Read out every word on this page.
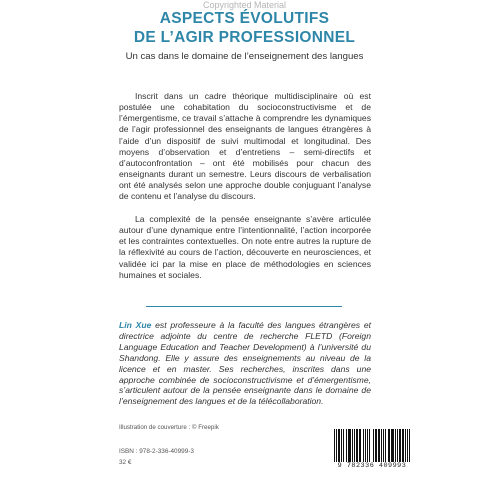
Copyrighted Material
ASPECTS ÉVOLUTIFS
DE L’AGIR PROFESSIONNEL
Un cas dans le domaine de l’enseignement des langues

Inscrit dans un cadre théorique multidisciplinaire où est postulée une cohabitation du socioconstructivisme et de l’émergentisme, ce travail s’attache à comprendre les dynamiques de l’agir professionnel des enseignants de langues étrangères à l’aide d’un dispositif de suivi multimodal et longitudinal. Des moyens d’observation et d’entretiens – semi-directifs et d’autoconfrontation – ont été mobilisés pour chacun des enseignants durant un semestre. Leurs discours de verbalisation ont été analysés selon une approche double conjuguant l’analyse de contenu et l’analyse du discours.

La complexité de la pensée enseignante s’avère articulée autour d’une dynamique entre l’intentionnalité, l’action incorporée et les contraintes contextuelles. On note entre autres la rupture de la réflexivité au cours de l’action, découverte en neurosciences, et validée ici par la mise en place de méthodologies en sciences humaines et sociales.

Lin Xue est professeure à la faculté des langues étrangères et directrice adjointe du centre de recherche FLETD (Foreign Language Education and Teacher Development) à l’université du Shandong. Elle y assure des enseignements au niveau de la licence et en master. Ses recherches, inscrites dans une approche combinée de socioconstructivisme et d’émergentisme, s’articulent autour de la pensée enseignante dans le domaine de l’enseignement des langues et de la télécollaboration.

Illustration de couverture : © Freepik
ISBN : 978-2-336-40999-3
32 €	9 782336 409993
